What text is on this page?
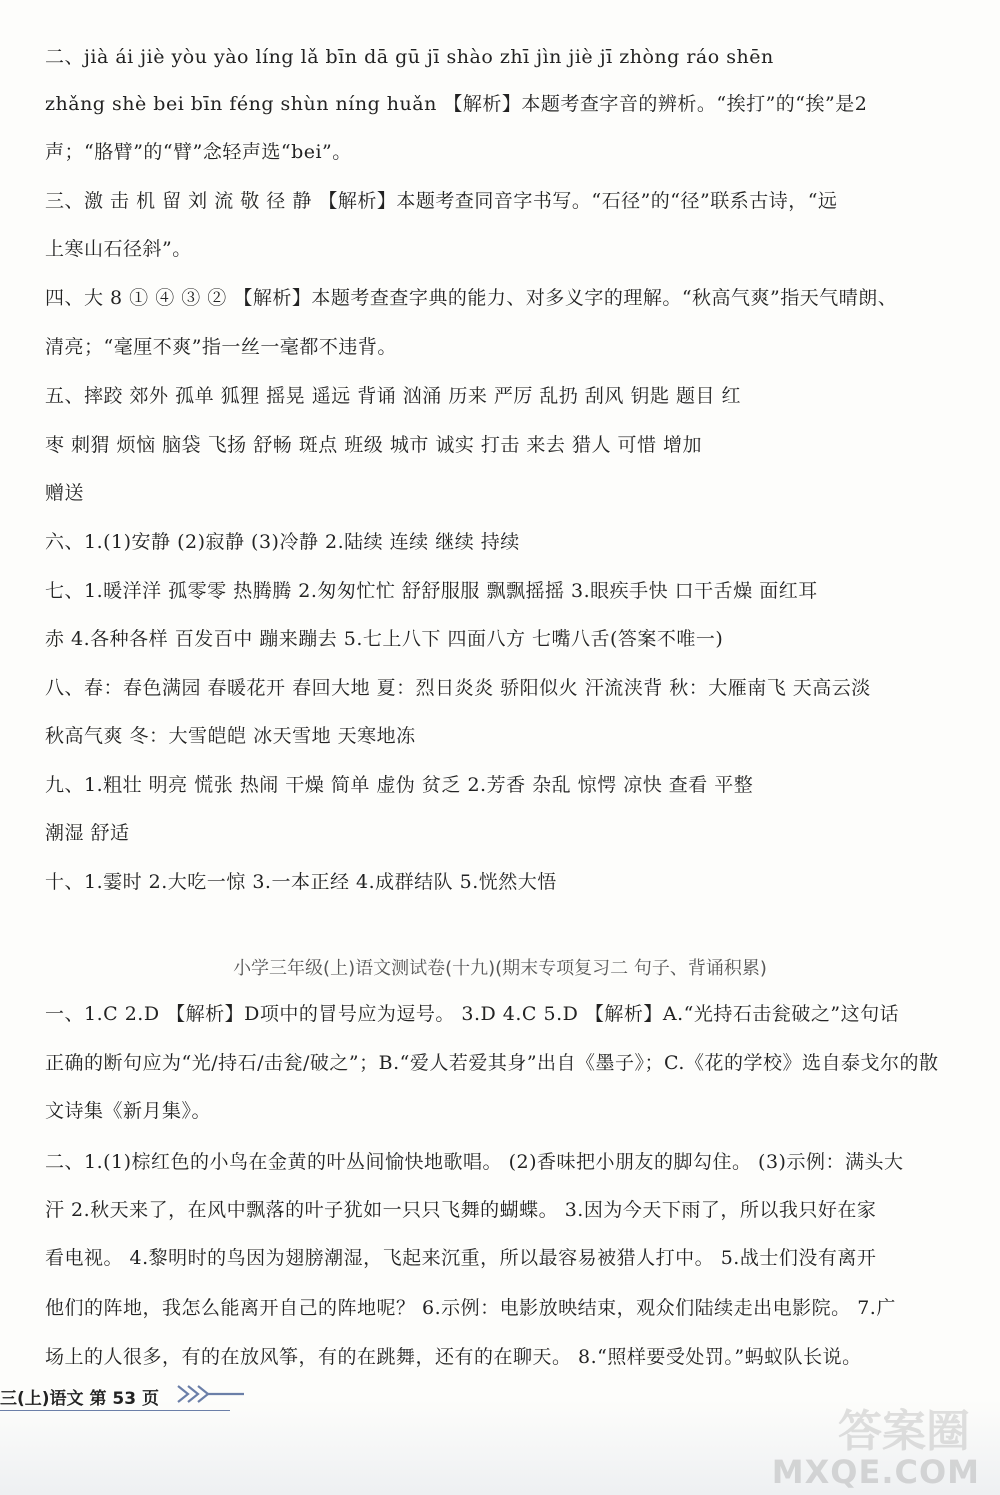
二、jià ái jiè yòu yào líng lǎ bīn dā gū jī shào zhī jìn jiè jī zhòng ráo shēn
zhǎng shè bei bīn féng shùn níng huǎn 【解析】本题考查字音的辨析。“挨打”的“挨”是2
声；“胳臂”的“臂”念轻声选“bei”。
三、激 击 机 留 刘 流 敬 径 静 【解析】本题考查同音字书写。“石径”的“径”联系古诗，“远
上寒山石径斜”。
四、大 8 ① ④ ③ ② 【解析】本题考查查字典的能力、对多义字的理解。“秋高气爽”指天气晴朗、
清亮；“毫厘不爽”指一丝一毫都不违背。
五、摔跤 郊外 孤单 狐狸 摇晃 遥远 背诵 汹涌 历来 严厉 乱扔 刮风 钥匙 题目 红
枣 刺猬 烦恼 脑袋 飞扬 舒畅 斑点 班级 城市 诚实 打击 来去 猎人 可惜 增加
赠送
六、1.(1)安静 (2)寂静 (3)冷静 2.陆续 连续 继续 持续
七、1.暖洋洋 孤零零 热腾腾 2.匆匆忙忙 舒舒服服 飘飘摇摇 3.眼疾手快 口干舌燥 面红耳
赤 4.各种各样 百发百中 蹦来蹦去 5.七上八下 四面八方 七嘴八舌(答案不唯一)
八、春：春色满园 春暖花开 春回大地 夏：烈日炎炎 骄阳似火 汗流浃背 秋：大雁南飞 天高云淡
秋高气爽 冬：大雪皑皑 冰天雪地 天寒地冻
九、1.粗壮 明亮 慌张 热闹 干燥 简单 虚伪 贫乏 2.芳香 杂乱 惊愕 凉快 查看 平整
潮湿 舒适
十、1.霎时 2.大吃一惊 3.一本正经 4.成群结队 5.恍然大悟
小学三年级(上)语文测试卷(十九)(期末专项复习二 句子、背诵积累)
一、1.C 2.D 【解析】D项中的冒号应为逗号。 3.D 4.C 5.D 【解析】A.“光持石击瓮破之”这句话
正确的断句应为“光/持石/击瓮/破之”；B.“爱人若爱其身”出自《墨子》；C.《花的学校》选自泰戈尔的散
文诗集《新月集》。
二、1.(1)棕红色的小鸟在金黄的叶丛间愉快地歌唱。 (2)香味把小朋友的脚勾住。 (3)示例：满头大
汗 2.秋天来了，在风中飘落的叶子犹如一只只飞舞的蝴蝶。 3.因为今天下雨了，所以我只好在家
看电视。 4.黎明时的鸟因为翅膀潮湿，飞起来沉重，所以最容易被猎人打中。 5.战士们没有离开
他们的阵地，我怎么能离开自己的阵地呢？ 6.示例：电影放映结束，观众们陆续走出电影院。 7.广
场上的人很多，有的在放风筝，有的在跳舞，还有的在聊天。 8.“照样要受处罚。”蚂蚁队长说。
三(上)语文 第 53 页
答案圈
MXQE.COM
